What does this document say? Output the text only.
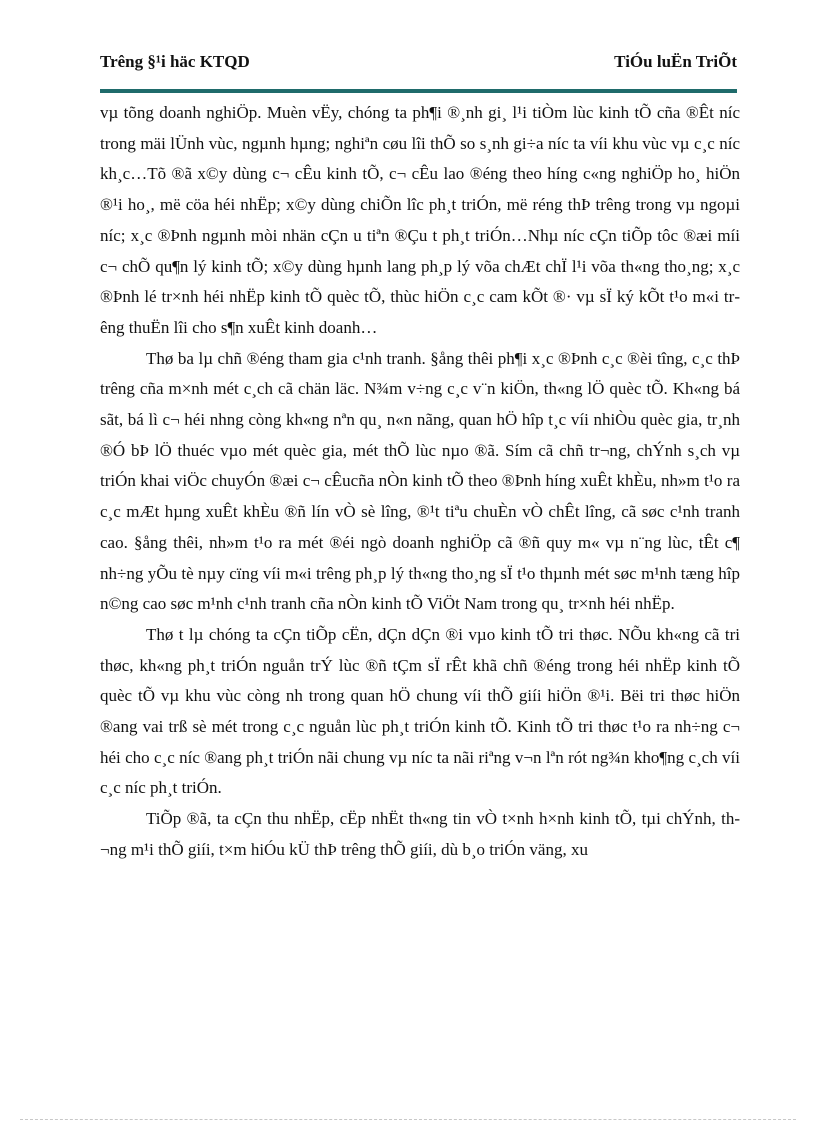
Trêng §¹i häc KTQD	TiÓu luËn TriÕt

vµ tõng doanh nghiÖp. Muèn vËy, chóng ta ph¶i ®¸nh gi¸ l¹i tiÒm lùc kinh tÕ cña ®Êt níc trong mäi lÜnh vùc, ngµnh hµng; nghiªn cøu lîi thÕ so s¸nh gi÷a níc ta víi khu vùc vµ c¸c níc kh¸c…Tõ ®ã x©y dùng c¬ cÊu kinh tÕ, c¬ cÊu lao ®éng theo híng c«ng nghiÖp ho¸ hiÖn ®¹i ho¸, më cöa héi nhËp; x©y dùng chiÕn lîc ph¸t triÓn, më réng thÞ trêng trong vµ ngoµi níc; x¸c ®Þnh ngµnh mòi nhän cÇn u tiªn ®Çu t ph¸t triÓn…Nhµ níc cÇn tiÕp tôc ®æi míi c¬ chÕ qu¶n lý kinh tÕ; x©y dùng hµnh lang ph¸p lý võa chÆt chÏ l¹i võa th«ng tho¸ng; x¸c ®Þnh lé tr×nh héi nhËp kinh tÕ quèc tÕ, thùc hiÖn c¸c cam kÕt ®· vµ sÏ ký kÕt t¹o m«i trêng thuËn lîi cho s¶n xuÊt kinh doanh…

Thø ba lµ chñ ®éng tham gia c¹nh tranh. §ång thêi ph¶i x¸c ®Þnh c¸c ®èi tîng, c¸c thÞ trêng cña m×nh mét c¸ch cã chän läc. N¾m v÷ng c¸c v¨n kiÖn, th«ng lÖ quèc tÕ. Kh«ng bá sãt, bá lì c¬ héi nhng còng kh«ng nªn qu¸ n«n nãng, quan hÖ hîp t¸c víi nhiÒu quèc gia, tr¸nh ®Ó bÞ lÖ thuéc vµo mét quèc gia, mét thÕ lùc nµo ®ã. Sím cã chñ tr¬ng, chÝnh s¸ch vµ triÓn khai viÖc chuyÓn ®æi c¬ cÊucña nÒn kinh tÕ theo ®Þnh híng xuÊt khÈu, nh»m t¹o ra c¸c mÆt hµng xuÊt khÈu ®ñ lín vÒ sè lîng, ®¹t tiªu chuÈn vÒ chÊt lîng, cã søc c¹nh tranh cao. §ång thêi, nh»m t¹o ra mét ®éi ngò doanh nghiÖp cã ®ñ quy m« vµ n¨ng lùc, tÊt c¶ nh÷ng yÕu tè nµy cïng víi m«i trêng ph¸p lý th«ng tho¸ng sÏ t¹o thµnh mét søc m¹nh tæng hîp n©ng cao søc m¹nh c¹nh tranh cña nÒn kinh tÕ ViÖt Nam trong qu¸ tr×nh héi nhËp.

Thø t lµ chóng ta cÇn tiÕp cËn, dÇn dÇn ®i vµo kinh tÕ tri thøc. NÕu kh«ng cã tri thøc, kh«ng ph¸t triÓn nguån trÝ lùc ®ñ tÇm sÏ rÊt khã chñ ®éng trong héi nhËp kinh tÕ quèc tÕ vµ khu vùc còng nh trong quan hÖ chung víi thÕ giíi hiÖn ®¹i. Bëi tri thøc hiÖn ®ang vai trß sè mét trong c¸c nguån lùc ph¸t triÓn kinh tÕ. Kinh tÕ tri thøc t¹o ra nh÷ng c¬ héi cho c¸c níc ®ang ph¸t triÓn nãi chung vµ níc ta nãi riªng v¬n lªn rót ng¾n kho¶ng c¸ch víi c¸c níc ph¸t triÓn.

TiÕp ®ã, ta cÇn thu nhËp, cËp nhËt th«ng tin vÒ t×nh h×nh kinh tÕ, tµi chÝnh, th¬ng m¹i thÕ giíi, t×m hiÓu kÜ thÞ trêng thÕ giíi, dù b¸o triÓn väng, xu
